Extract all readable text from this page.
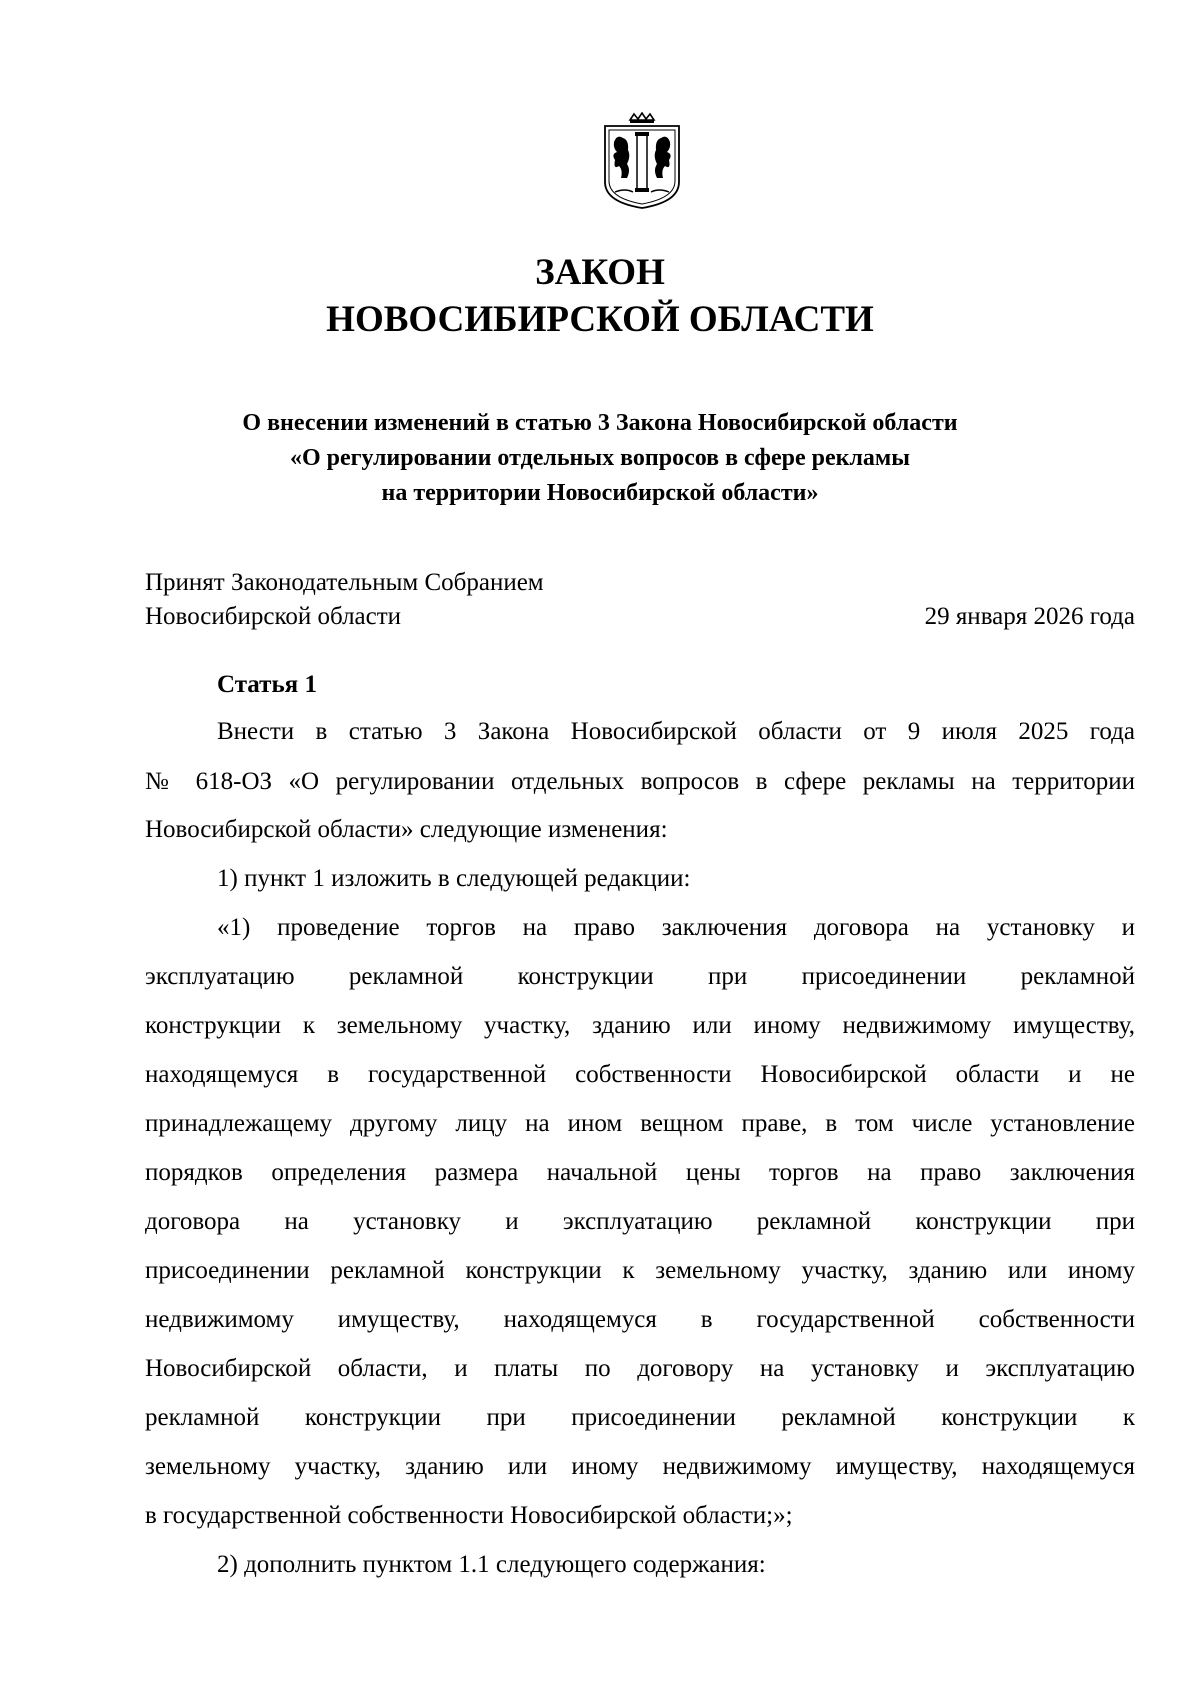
ЗАКОН
НОВОСИБИРСКОЙ ОБЛАСТИ
О внесении изменений в статью 3 Закона Новосибирской области
«О регулировании отдельных вопросов в сфере рекламы
на территории Новосибирской области»
Принят Законодательным Собранием
Новосибирской области	29 января 2026 года
Статья 1
Внести в статью 3 Закона Новосибирской области от 9 июля 2025 года
№ 618-ОЗ «О регулировании отдельных вопросов в сфере рекламы на территории
Новосибирской области» следующие изменения:
1) пункт 1 изложить в следующей редакции:
«1) проведение торгов на право заключения договора на установку и
эксплуатацию рекламной конструкции при присоединении рекламной
конструкции к земельному участку, зданию или иному недвижимому имуществу,
находящемуся в государственной собственности Новосибирской области и не
принадлежащему другому лицу на ином вещном праве, в том числе установление
порядков определения размера начальной цены торгов на право заключения
договора на установку и эксплуатацию рекламной конструкции при
присоединении рекламной конструкции к земельному участку, зданию или иному
недвижимому имуществу, находящемуся в государственной собственности
Новосибирской области, и платы по договору на установку и эксплуатацию
рекламной конструкции при присоединении рекламной конструкции к
земельному участку, зданию или иному недвижимому имуществу, находящемуся
в государственной собственности Новосибирской области;»;
2) дополнить пунктом 1.1 следующего содержания:
